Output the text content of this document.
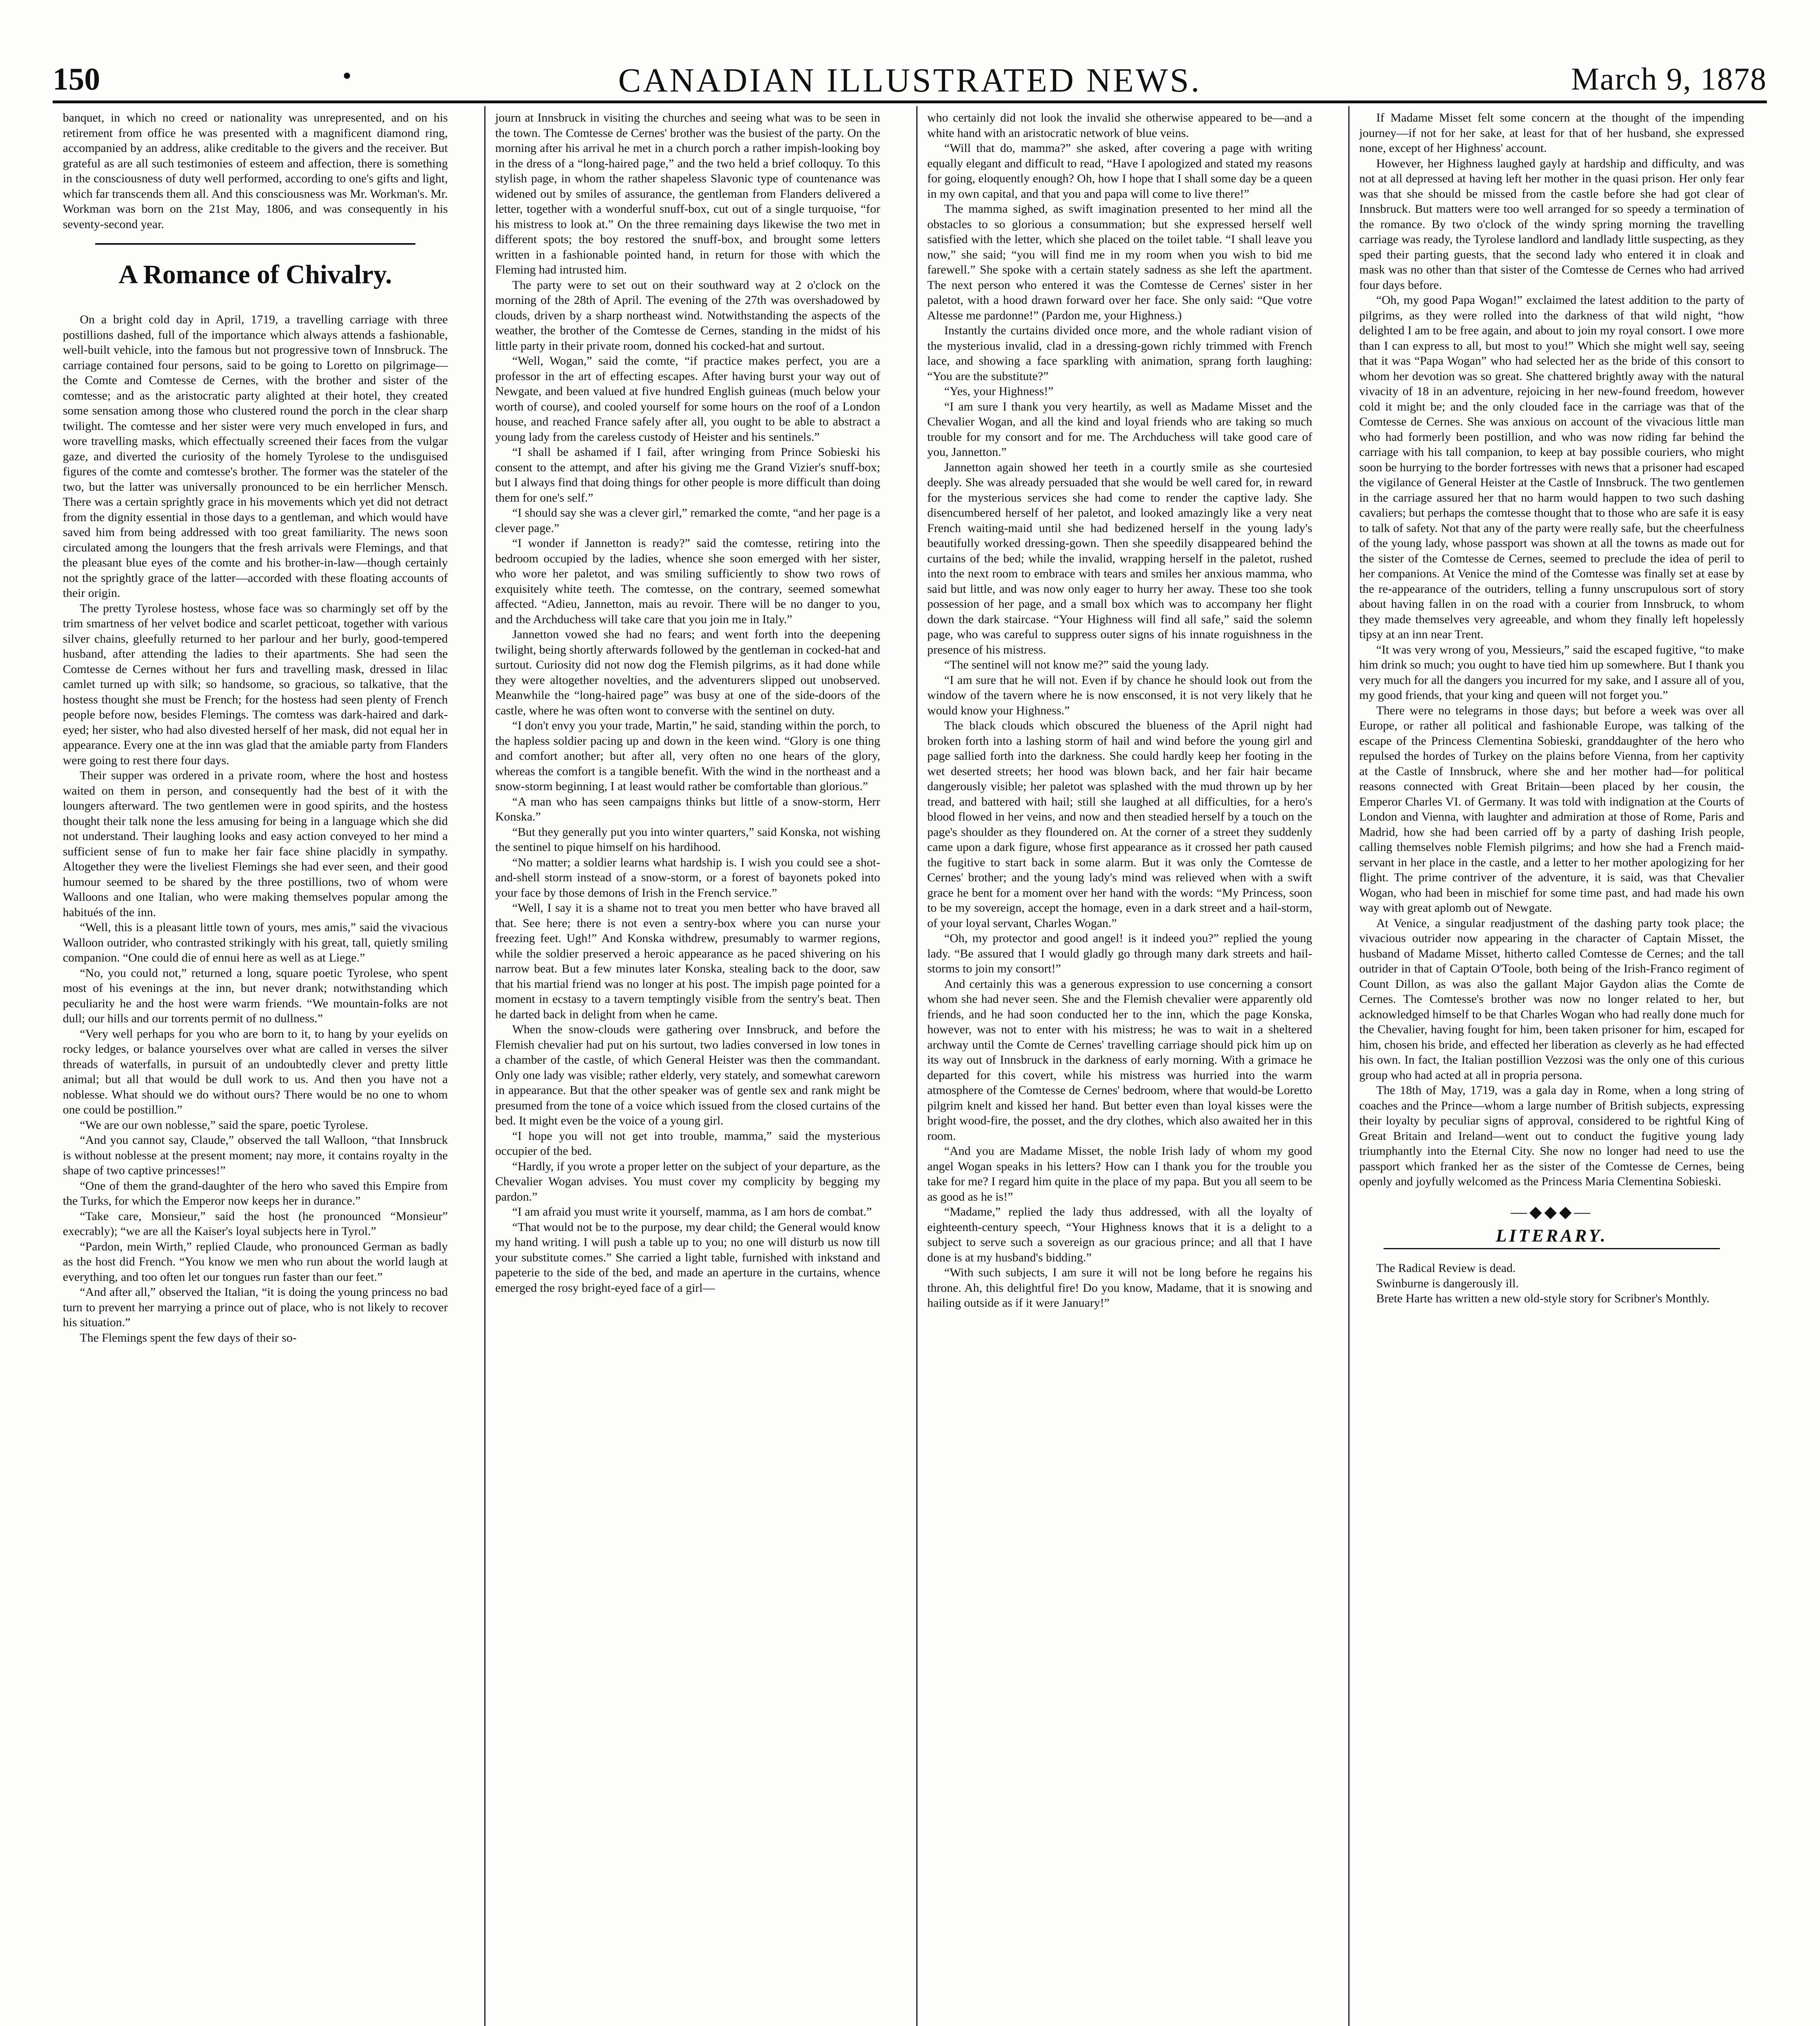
150	•	CANADIAN ILLUSTRATED NEWS.	March 9, 1878

banquet, in which no creed or nationality was unrepresented, and on his retirement from office he was presented with a magnificent diamond ring, accompanied by an address, alike creditable to the givers and the receiver. But grateful as are all such testimonies of esteem and affection, there is something in the consciousness of duty well performed, according to one's gifts and light, which far transcends them all. And this consciousness was Mr. Workman's. Mr. Workman was born on the 21st May, 1806, and was consequently in his seventy-second year.

A Romance of Chivalry.

On a bright cold day in April, 1719, a travelling carriage with three postillions dashed, full of the importance which always attends a fashionable, well-built vehicle, into the famous but not progressive town of Innsbruck. The carriage contained four persons, said to be going to Loretto on pilgrimage—the Comte and Comtesse de Cernes, with the brother and sister of the comtesse; and as the aristocratic party alighted at their hotel, they created some sensation among those who clustered round the porch in the clear sharp twilight. The comtesse and her sister were very much enveloped in furs, and wore travelling masks, which effectually screened their faces from the vulgar gaze, and diverted the curiosity of the homely Tyrolese to the undisguised figures of the comte and comtesse's brother. The former was the stateler of the two, but the latter was universally pronounced to be ein herrlicher Mensch. There was a certain sprightly grace in his movements which yet did not detract from the dignity essential in those days to a gentleman, and which would have saved him from being addressed with too great familiarity. The news soon circulated among the loungers that the fresh arrivals were Flemings, and that the pleasant blue eyes of the comte and his brother-in-law—though certainly not the sprightly grace of the latter—accorded with these floating accounts of their origin.

The pretty Tyrolese hostess, whose face was so charmingly set off by the trim smartness of her velvet bodice and scarlet petticoat, together with various silver chains, gleefully returned to her parlour and her burly, good-tempered husband, after attending the ladies to their apartments. She had seen the Comtesse de Cernes without her furs and travelling mask, dressed in lilac camlet turned up with silk; so handsome, so gracious, so talkative, that the hostess thought she must be French; for the hostess had seen plenty of French people before now, besides Flemings. The comtess was dark-haired and dark-eyed; her sister, who had also divested herself of her mask, did not equal her in appearance. Every one at the inn was glad that the amiable party from Flanders were going to rest there four days.

Their supper was ordered in a private room, where the host and hostess waited on them in person, and consequently had the best of it with the loungers afterward. The two gentlemen were in good spirits, and the hostess thought their talk none the less amusing for being in a language which she did not understand. Their laughing looks and easy action conveyed to her mind a sufficient sense of fun to make her fair face shine placidly in sympathy. Altogether they were the liveliest Flemings she had ever seen, and their good humour seemed to be shared by the three postillions, two of whom were Walloons and one Italian, who were making themselves popular among the habitués of the inn.

“Well, this is a pleasant little town of yours, mes amis,” said the vivacious Walloon outrider, who contrasted strikingly with his great, tall, quietly smiling companion. “One could die of ennui here as well as at Liege.”

“No, you could not,” returned a long, square poetic Tyrolese, who spent most of his evenings at the inn, but never drank; notwithstanding which peculiarity he and the host were warm friends. “We mountain-folks are not dull; our hills and our torrents permit of no dullness.”

“Very well perhaps for you who are born to it, to hang by your eyelids on rocky ledges, or balance yourselves over what are called in verses the silver threads of waterfalls, in pursuit of an undoubtedly clever and pretty little animal; but all that would be dull work to us. And then you have not a noblesse. What should we do without ours? There would be no one to whom one could be postillion.”

“We are our own noblesse,” said the spare, poetic Tyrolese.

“And you cannot say, Claude,” observed the tall Walloon, “that Innsbruck is without noblesse at the present moment; nay more, it contains royalty in the shape of two captive princesses!”

“One of them the grand-daughter of the hero who saved this Empire from the Turks, for which the Emperor now keeps her in durance.”

“Take care, Monsieur,” said the host (he pronounced “Monsieur” execrably); “we are all the Kaiser's loyal subjects here in Tyrol.”

“Pardon, mein Wirth,” replied Claude, who pronounced German as badly as the host did French. “You know we men who run about the world laugh at everything, and too often let our tongues run faster than our feet.”

“And after all,” observed the Italian, “it is doing the young princess no bad turn to prevent her marrying a prince out of place, who is not likely to recover his situation.”

The Flemings spent the few days of their so-

journ at Innsbruck in visiting the churches and seeing what was to be seen in the town. The Comtesse de Cernes' brother was the busiest of the party. On the morning after his arrival he met in a church porch a rather impish-looking boy in the dress of a “long-haired page,” and the two held a brief colloquy. To this stylish page, in whom the rather shapeless Slavonic type of countenance was widened out by smiles of assurance, the gentleman from Flanders delivered a letter, together with a wonderful snuff-box, cut out of a single turquoise, “for his mistress to look at.” On the three remaining days likewise the two met in different spots; the boy restored the snuff-box, and brought some letters written in a fashionable pointed hand, in return for those with which the Fleming had intrusted him.

The party were to set out on their southward way at 2 o'clock on the morning of the 28th of April. The evening of the 27th was overshadowed by clouds, driven by a sharp northeast wind. Notwithstanding the aspects of the weather, the brother of the Comtesse de Cernes, standing in the midst of his little party in their private room, donned his cocked-hat and surtout.

“Well, Wogan,” said the comte, “if practice makes perfect, you are a professor in the art of effecting escapes. After having burst your way out of Newgate, and been valued at five hundred English guineas (much below your worth of course), and cooled yourself for some hours on the roof of a London house, and reached France safely after all, you ought to be able to abstract a young lady from the careless custody of Heister and his sentinels.”

“I shall be ashamed if I fail, after wringing from Prince Sobieski his consent to the attempt, and after his giving me the Grand Vizier's snuff-box; but I always find that doing things for other people is more difficult than doing them for one's self.”

“I should say she was a clever girl,” remarked the comte, “and her page is a clever page.”

“I wonder if Jannetton is ready?” said the comtesse, retiring into the bedroom occupied by the ladies, whence she soon emerged with her sister, who wore her paletot, and was smiling sufficiently to show two rows of exquisitely white teeth. The comtesse, on the contrary, seemed somewhat affected. “Adieu, Jannetton, mais au revoir. There will be no danger to you, and the Archduchess will take care that you join me in Italy.”

Jannetton vowed she had no fears; and went forth into the deepening twilight, being shortly afterwards followed by the gentleman in cocked-hat and surtout. Curiosity did not now dog the Flemish pilgrims, as it had done while they were altogether novelties, and the adventurers slipped out unobserved. Meanwhile the “long-haired page” was busy at one of the side-doors of the castle, where he was often wont to converse with the sentinel on duty.

“I don't envy you your trade, Martin,” he said, standing within the porch, to the hapless soldier pacing up and down in the keen wind. “Glory is one thing and comfort another; but after all, very often no one hears of the glory, whereas the comfort is a tangible benefit. With the wind in the northeast and a snow-storm beginning, I at least would rather be comfortable than glorious.”

“A man who has seen campaigns thinks but little of a snow-storm, Herr Konska.”

“But they generally put you into winter quarters,” said Konska, not wishing the sentinel to pique himself on his hardihood.

“No matter; a soldier learns what hardship is. I wish you could see a shot-and-shell storm instead of a snow-storm, or a forest of bayonets poked into your face by those demons of Irish in the French service.”

“Well, I say it is a shame not to treat you men better who have braved all that. See here; there is not even a sentry-box where you can nurse your freezing feet. Ugh!” And Konska withdrew, presumably to warmer regions, while the soldier preserved a heroic appearance as he paced shivering on his narrow beat. But a few minutes later Konska, stealing back to the door, saw that his martial friend was no longer at his post. The impish page pointed for a moment in ecstasy to a tavern temptingly visible from the sentry's beat. Then he darted back in delight from when he came.

When the snow-clouds were gathering over Innsbruck, and before the Flemish chevalier had put on his surtout, two ladies conversed in low tones in a chamber of the castle, of which General Heister was then the commandant. Only one lady was visible; rather elderly, very stately, and somewhat careworn in appearance. But that the other speaker was of gentle sex and rank might be presumed from the tone of a voice which issued from the closed curtains of the bed. It might even be the voice of a young girl.

“I hope you will not get into trouble, mamma,” said the mysterious occupier of the bed.

“Hardly, if you wrote a proper letter on the subject of your departure, as the Chevalier Wogan advises. You must cover my complicity by begging my pardon.”

“I am afraid you must write it yourself, mamma, as I am hors de combat.”

“That would not be to the purpose, my dear child; the General would know my hand writing. I will push a table up to you; no one will disturb us now till your substitute comes.” She carried a light table, furnished with inkstand and papeterie to the side of the bed, and made an aperture in the curtains, whence emerged the rosy bright-eyed face of a girl—

who certainly did not look the invalid she otherwise appeared to be—and a white hand with an aristocratic network of blue veins.

“Will that do, mamma?” she asked, after covering a page with writing equally elegant and difficult to read, “Have I apologized and stated my reasons for going, eloquently enough? Oh, how I hope that I shall some day be a queen in my own capital, and that you and papa will come to live there!”

The mamma sighed, as swift imagination presented to her mind all the obstacles to so glorious a consummation; but she expressed herself well satisfied with the letter, which she placed on the toilet table. “I shall leave you now,” she said; “you will find me in my room when you wish to bid me farewell.” She spoke with a certain stately sadness as she left the apartment. The next person who entered it was the Comtesse de Cernes' sister in her paletot, with a hood drawn forward over her face. She only said: “Que votre Altesse me pardonne!” (Pardon me, your Highness.)

Instantly the curtains divided once more, and the whole radiant vision of the mysterious invalid, clad in a dressing-gown richly trimmed with French lace, and showing a face sparkling with animation, sprang forth laughing: “You are the substitute?”

“Yes, your Highness!”

“I am sure I thank you very heartily, as well as Madame Misset and the Chevalier Wogan, and all the kind and loyal friends who are taking so much trouble for my consort and for me. The Archduchess will take good care of you, Jannetton.”

Jannetton again showed her teeth in a courtly smile as she courtesied deeply. She was already persuaded that she would be well cared for, in reward for the mysterious services she had come to render the captive lady. She disencumbered herself of her paletot, and looked amazingly like a very neat French waiting-maid until she had bedizened herself in the young lady's beautifully worked dressing-gown. Then she speedily disappeared behind the curtains of the bed; while the invalid, wrapping herself in the paletot, rushed into the next room to embrace with tears and smiles her anxious mamma, who said but little, and was now only eager to hurry her away. These too she took possession of her page, and a small box which was to accompany her flight down the dark staircase. “Your Highness will find all safe,” said the solemn page, who was careful to suppress outer signs of his innate roguishness in the presence of his mistress.

“The sentinel will not know me?” said the young lady.

“I am sure that he will not. Even if by chance he should look out from the window of the tavern where he is now ensconsed, it is not very likely that he would know your Highness.”

The black clouds which obscured the blueness of the April night had broken forth into a lashing storm of hail and wind before the young girl and page sallied forth into the darkness. She could hardly keep her footing in the wet deserted streets; her hood was blown back, and her fair hair became dangerously visible; her paletot was splashed with the mud thrown up by her tread, and battered with hail; still she laughed at all difficulties, for a hero's blood flowed in her veins, and now and then steadied herself by a touch on the page's shoulder as they floundered on. At the corner of a street they suddenly came upon a dark figure, whose first appearance as it crossed her path caused the fugitive to start back in some alarm. But it was only the Comtesse de Cernes' brother; and the young lady's mind was relieved when with a swift grace he bent for a moment over her hand with the words: “My Princess, soon to be my sovereign, accept the homage, even in a dark street and a hail-storm, of your loyal servant, Charles Wogan.”

“Oh, my protector and good angel! is it indeed you?” replied the young lady. “Be assured that I would gladly go through many dark streets and hail-storms to join my consort!”

And certainly this was a generous expression to use concerning a consort whom she had never seen. She and the Flemish chevalier were apparently old friends, and he had soon conducted her to the inn, which the page Konska, however, was not to enter with his mistress; he was to wait in a sheltered archway until the Comte de Cernes' travelling carriage should pick him up on its way out of Innsbruck in the darkness of early morning. With a grimace he departed for this covert, while his mistress was hurried into the warm atmosphere of the Comtesse de Cernes' bedroom, where that would-be Loretto pilgrim knelt and kissed her hand. But better even than loyal kisses were the bright wood-fire, the posset, and the dry clothes, which also awaited her in this room.

“And you are Madame Misset, the noble Irish lady of whom my good angel Wogan speaks in his letters? How can I thank you for the trouble you take for me? I regard him quite in the place of my papa. But you all seem to be as good as he is!”

“Madame,” replied the lady thus addressed, with all the loyalty of eighteenth-century speech, “Your Highness knows that it is a delight to a subject to serve such a sovereign as our gracious prince; and all that I have done is at my husband's bidding.”

“With such subjects, I am sure it will not be long before he regains his throne. Ah, this delightful fire! Do you know, Madame, that it is snowing and hailing outside as if it were January!”

If Madame Misset felt some concern at the thought of the impending journey—if not for her sake, at least for that of her husband, she expressed none, except of her Highness' account.

However, her Highness laughed gayly at hardship and difficulty, and was not at all depressed at having left her mother in the quasi prison. Her only fear was that she should be missed from the castle before she had got clear of Innsbruck. But matters were too well arranged for so speedy a termination of the romance. By two o'clock of the windy spring morning the travelling carriage was ready, the Tyrolese landlord and landlady little suspecting, as they sped their parting guests, that the second lady who entered it in cloak and mask was no other than that sister of the Comtesse de Cernes who had arrived four days before.

“Oh, my good Papa Wogan!” exclaimed the latest addition to the party of pilgrims, as they were rolled into the darkness of that wild night, “how delighted I am to be free again, and about to join my royal consort. I owe more than I can express to all, but most to you!” Which she might well say, seeing that it was “Papa Wogan” who had selected her as the bride of this consort to whom her devotion was so great. She chattered brightly away with the natural vivacity of 18 in an adventure, rejoicing in her new-found freedom, however cold it might be; and the only clouded face in the carriage was that of the Comtesse de Cernes. She was anxious on account of the vivacious little man who had formerly been postillion, and who was now riding far behind the carriage with his tall companion, to keep at bay possible couriers, who might soon be hurrying to the border fortresses with news that a prisoner had escaped the vigilance of General Heister at the Castle of Innsbruck. The two gentlemen in the carriage assured her that no harm would happen to two such dashing cavaliers; but perhaps the comtesse thought that to those who are safe it is easy to talk of safety. Not that any of the party were really safe, but the cheerfulness of the young lady, whose passport was shown at all the towns as made out for the sister of the Comtesse de Cernes, seemed to preclude the idea of peril to her companions. At Venice the mind of the Comtesse was finally set at ease by the re-appearance of the outriders, telling a funny unscrupulous sort of story about having fallen in on the road with a courier from Innsbruck, to whom they made themselves very agreeable, and whom they finally left hopelessly tipsy at an inn near Trent.

“It was very wrong of you, Messieurs,” said the escaped fugitive, “to make him drink so much; you ought to have tied him up somewhere. But I thank you very much for all the dangers you incurred for my sake, and I assure all of you, my good friends, that your king and queen will not forget you.”

There were no telegrams in those days; but before a week was over all Europe, or rather all political and fashionable Europe, was talking of the escape of the Princess Clementina Sobieski, granddaughter of the hero who repulsed the hordes of Turkey on the plains before Vienna, from her captivity at the Castle of Innsbruck, where she and her mother had—for political reasons connected with Great Britain—been placed by her cousin, the Emperor Charles VI. of Germany. It was told with indignation at the Courts of London and Vienna, with laughter and admiration at those of Rome, Paris and Madrid, how she had been carried off by a party of dashing Irish people, calling themselves noble Flemish pilgrims; and how she had a French maid-servant in her place in the castle, and a letter to her mother apologizing for her flight. The prime contriver of the adventure, it is said, was that Chevalier Wogan, who had been in mischief for some time past, and had made his own way with great aplomb out of Newgate.

At Venice, a singular readjustment of the dashing party took place; the vivacious outrider now appearing in the character of Captain Misset, the husband of Madame Misset, hitherto called Comtesse de Cernes; and the tall outrider in that of Captain O'Toole, both being of the Irish-Franco regiment of Count Dillon, as was also the gallant Major Gaydon alias the Comte de Cernes. The Comtesse's brother was now no longer related to her, but acknowledged himself to be that Charles Wogan who had really done much for the Chevalier, having fought for him, been taken prisoner for him, escaped for him, chosen his bride, and effected her liberation as cleverly as he had effected his own. In fact, the Italian postillion Vezzosi was the only one of this curious group who had acted at all in propria persona.

The 18th of May, 1719, was a gala day in Rome, when a long string of coaches and the Prince—whom a large number of British subjects, expressing their loyalty by peculiar signs of approval, considered to be rightful King of Great Britain and Ireland—went out to conduct the fugitive young lady triumphantly into the Eternal City. She now no longer had need to use the passport which franked her as the sister of the Comtesse de Cernes, being openly and joyfully welcomed as the Princess Maria Clementina Sobieski.

—◆◆◆—
LITERARY.

The Radical Review is dead.

Swinburne is dangerously ill.

Brete Harte has written a new old-style story for Scribner's Monthly.
